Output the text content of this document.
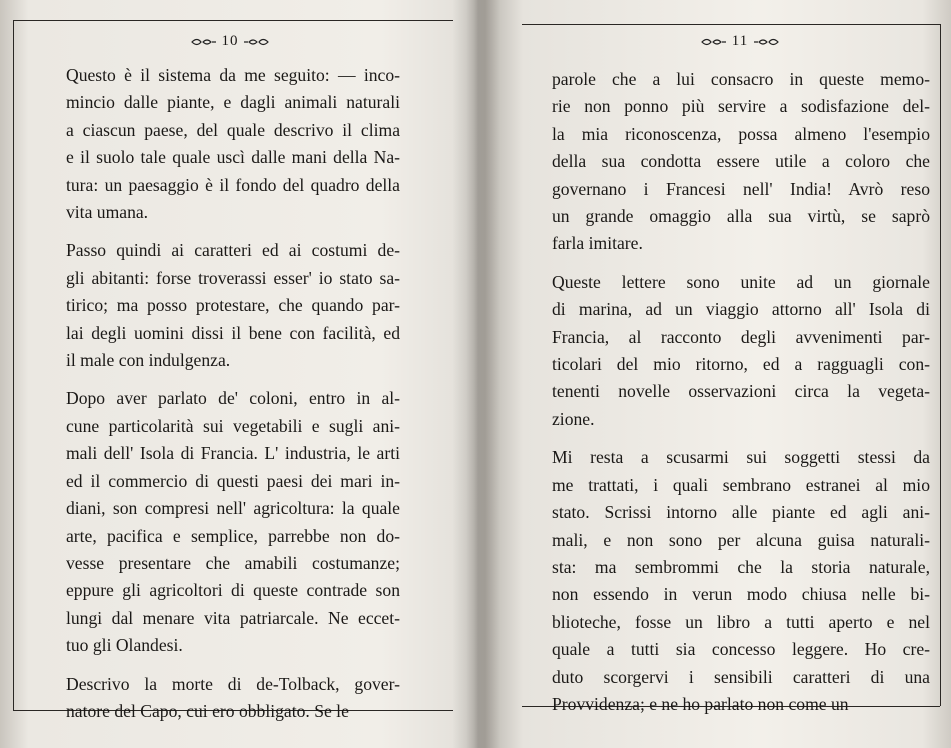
10
Questo è il sistema da me seguito: — inco-
mincio dalle piante, e dagli animali naturali
a ciascun paese, del quale descrivo il clima
e il suolo tale quale uscì dalle mani della Na-
tura: un paesaggio è il fondo del quadro della
vita umana.
Passo quindi ai caratteri ed ai costumi de-
gli abitanti: forse troverassi esser' io stato sa-
tirico; ma posso protestare, che quando par-
lai degli uomini dissi il bene con facilità, ed
il male con indulgenza.
Dopo aver parlato de' coloni, entro in al-
cune particolarità sui vegetabili e sugli ani-
mali dell' Isola di Francia. L' industria, le arti
ed il commercio di questi paesi dei mari in-
diani, son compresi nell' agricoltura: la quale
arte, pacifica e semplice, parrebbe non do-
vesse presentare che amabili costumanze;
eppure gli agricoltori di queste contrade son
lungi dal menare vita patriarcale. Ne eccet-
tuo gli Olandesi.
Descrivo la morte di de-Tolback, gover-
natore del Capo, cui ero obbligato. Se le
11
parole che a lui consacro in queste memo-
rie non ponno più servire a sodisfazione del-
la mia riconoscenza, possa almeno l'esempio
della sua condotta essere utile a coloro che
governano i Francesi nell' India! Avrò reso
un grande omaggio alla sua virtù, se saprò
farla imitare.
Queste lettere sono unite ad un giornale
di marina, ad un viaggio attorno all' Isola di
Francia, al racconto degli avvenimenti par-
ticolari del mio ritorno, ed a ragguagli con-
tenenti novelle osservazioni circa la vegeta-
zione.
Mi resta a scusarmi sui soggetti stessi da
me trattati, i quali sembrano estranei al mio
stato. Scrissi intorno alle piante ed agli ani-
mali, e non sono per alcuna guisa naturali-
sta: ma sembrommi che la storia naturale,
non essendo in verun modo chiusa nelle bi-
blioteche, fosse un libro a tutti aperto e nel
quale a tutti sia concesso leggere. Ho cre-
duto scorgervi i sensibili caratteri di una
Provvidenza; e ne ho parlato non come un
